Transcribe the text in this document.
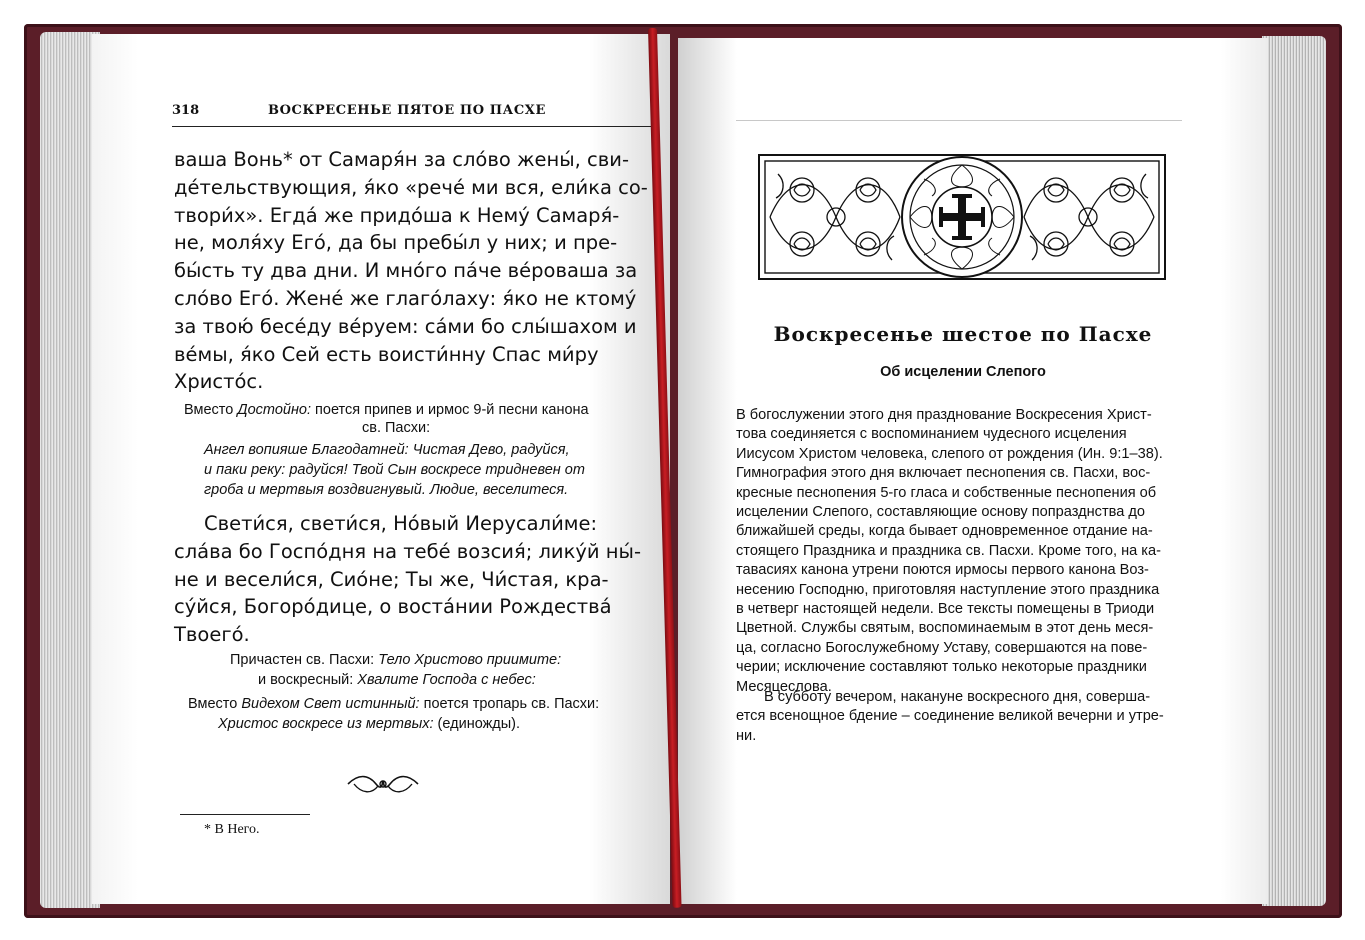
318	ВОСКРЕСЕНЬЕ ПЯТОЕ ПО ПАСХЕ
ваша Вонь* от Самаря́н за сло́во жены́, сви-
де́тельствующия, я́ко «рече́ ми вся, ели́ка со-
твори́х». Егда́ же придо́ша к Нему́ Самаря́-
не, моля́ху Его́, да бы пребы́л у них; и пре-
бы́сть ту два дни. И мно́го па́че ве́роваша за
сло́во Его́. Жене́ же глаго́лаху: я́ко не ктому́
за твою́ бесе́ду ве́руем: са́ми бо слы́шахом и
ве́мы, я́ко Сей есть воисти́нну Спас ми́ру
Христо́с.
Вместо Достойно: поется припев и ирмос 9-й песни канона
св. Пасхи:
Ангел вопияше Благодатней: Чистая Дево, радуйся,
и паки реку: радуйся! Твой Сын воскресе тридневен от
гроба и мертвыя воздвигнувый. Людие, веселитеся.
Свети́ся, свети́ся, Но́вый Иерусали́ме:
сла́ва бо Госпо́дня на тебе́ возсия́; лику́й ны́-
не и весели́ся, Сио́не; Ты же, Чи́стая, кра-
су́йся, Богоро́дице, о воста́нии Рождества́
Твоего́.
Причастен св. Пасхи: Тело Христово приимите:
и воскресный: Хвалите Господа с небес:
Вместо Видехом Свет истинный: поется тропарь св. Пасхи:
Христос воскресе из мертвых: (единожды).
* В Него.
Воскресенье шестое по Пасхе
Об исцелении Слепого
В богослужении этого дня празднование Воскресения Христ-
това соединяется с воспоминанием чудесного исцеления
Иисусом Христом человека, слепого от рождения (Ин. 9:1–38).
Гимнография этого дня включает песнопения св. Пасхи, вос-
кресные песнопения 5-го гласа и собственные песнопения об
исцелении Слепого, составляющие основу попразднства до
ближайшей среды, когда бывает одновременное отдание на-
стоящего Праздника и праздника св. Пасхи. Кроме того, на ка-
тавасиях канона утрени поются ирмосы первого канона Воз-
несению Господню, приготовляя наступление этого праздника
в четверг настоящей недели. Все тексты помещены в Триоди
Цветной. Службы святым, воспоминаемым в этот день меся-
ца, согласно Богослужебному Уставу, совершаются на пове-
черии; исключение составляют только некоторые праздники
Месяцеслова.
В субботу вечером, накануне воскресного дня, соверша-
ется всенощное бдение – соединение великой вечерни и утре-
ни.
